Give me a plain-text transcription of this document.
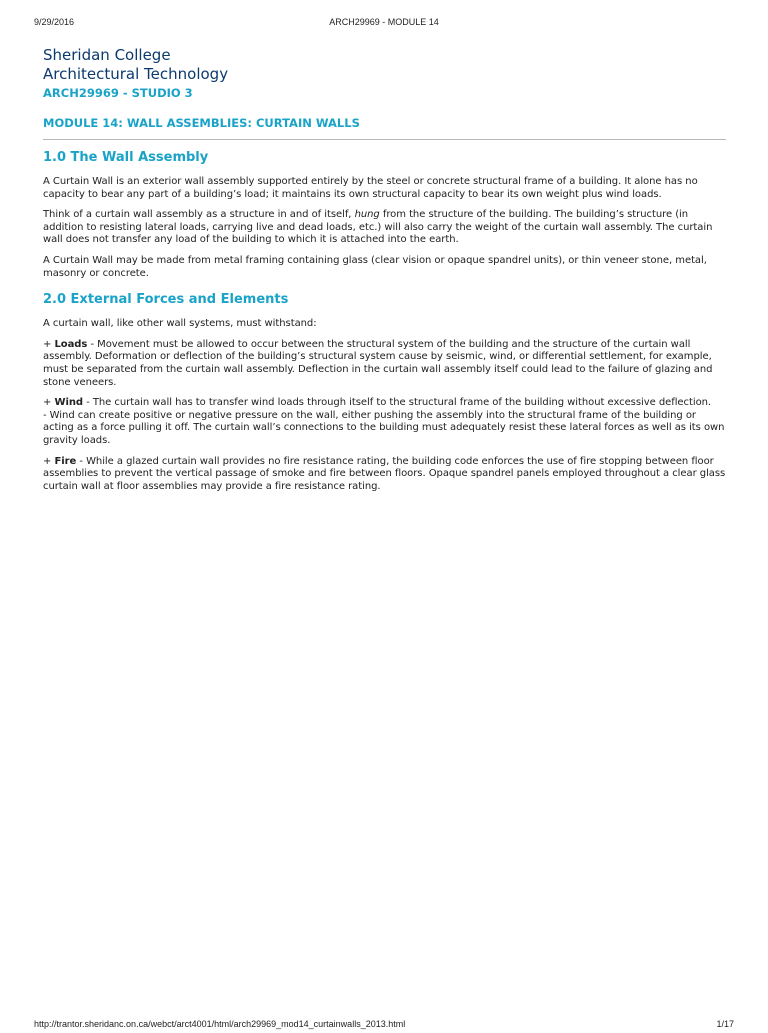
9/29/2016	ARCH29969 - MODULE 14
Sheridan College
Architectural Technology
ARCH29969 - STUDIO 3
MODULE 14: WALL ASSEMBLIES: CURTAIN WALLS
1.0 The Wall Assembly

A Curtain Wall is an exterior wall assembly supported entirely by the steel or concrete structural frame of a building. It alone has no capacity to bear any part of a building’s load; it maintains its own structural capacity to bear its own weight plus wind loads.

Think of a curtain wall assembly as a structure in and of itself, hung from the structure of the building. The building’s structure (in addition to resisting lateral loads, carrying live and dead loads, etc.) will also carry the weight of the curtain wall assembly. The curtain wall does not transfer any load of the building to which it is attached into the earth.

A Curtain Wall may be made from metal framing containing glass (clear vision or opaque spandrel units), or thin veneer stone, metal, masonry or concrete.

2.0 External Forces and Elements

A curtain wall, like other wall systems, must withstand:

+ Loads - Movement must be allowed to occur between the structural system of the building and the structure of the curtain wall assembly. Deformation or deflection of the building’s structural system cause by seismic, wind, or differential settlement, for example, must be separated from the curtain wall assembly. Deflection in the curtain wall assembly itself could lead to the failure of glazing and stone veneers.

+ Wind - The curtain wall has to transfer wind loads through itself to the structural frame of the building without excessive deflection.
- Wind can create positive or negative pressure on the wall, either pushing the assembly into the structural frame of the building or acting as a force pulling it off. The curtain wall’s connections to the building must adequately resist these lateral forces as well as its own gravity loads.

+ Fire - While a glazed curtain wall provides no fire resistance rating, the building code enforces the use of fire stopping between floor assemblies to prevent the vertical passage of smoke and fire between floors. Opaque spandrel panels employed throughout a clear glass curtain wall at floor assemblies may provide a fire resistance rating.

http://trantor.sheridanc.on.ca/webct/arct4001/html/arch29969_mod14_curtainwalls_2013.html	1/17
